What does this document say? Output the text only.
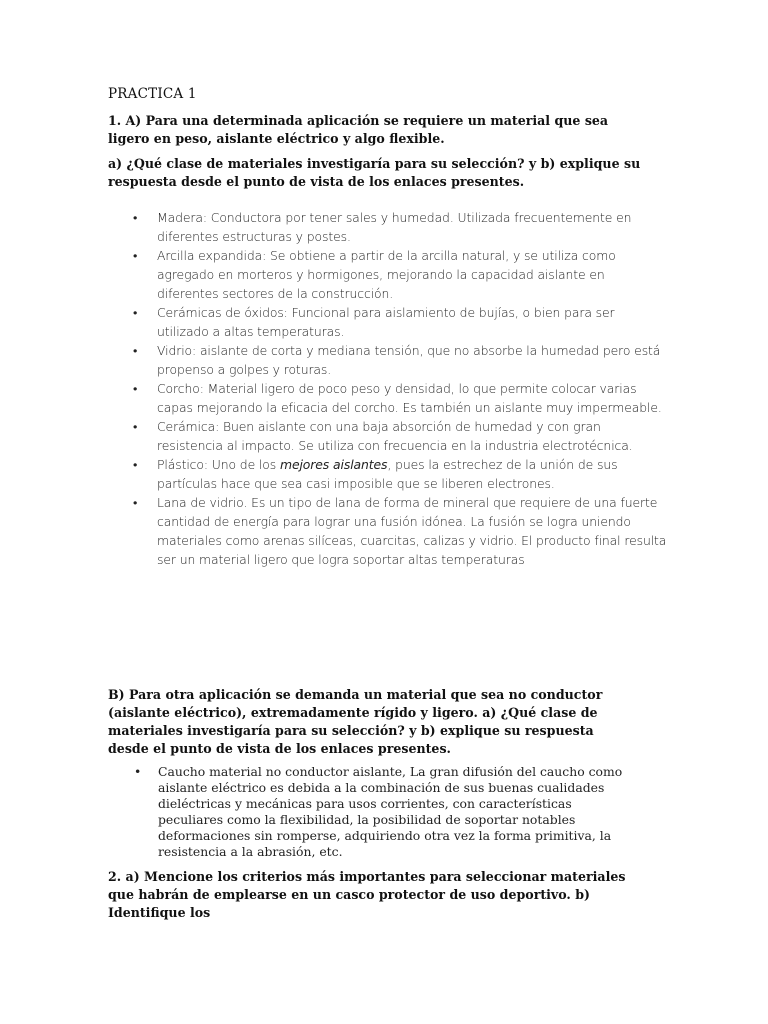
PRACTICA 1
1. A) Para una determinada aplicación se requiere un material que sea ligero en peso, aislante eléctrico y algo flexible.
a) ¿Qué clase de materiales investigaría para su selección? y b) explique su respuesta desde el punto de vista de los enlaces presentes.
• Madera: Conductora por tener sales y humedad. Utilizada frecuentemente en diferentes estructuras y postes.
• Arcilla expandida: Se obtiene a partir de la arcilla natural, y se utiliza como agregado en morteros y hormigones, mejorando la capacidad aislante en diferentes sectores de la construcción.
• Cerámicas de óxidos: Funcional para aislamiento de bujías, o bien para ser utilizado a altas temperaturas.
• Vidrio: aislante de corta y mediana tensión, que no absorbe la humedad pero está propenso a golpes y roturas.
• Corcho: Material ligero de poco peso y densidad, lo que permite colocar varias capas mejorando la eficacia del corcho. Es también un aislante muy impermeable.
• Cerámica: Buen aislante con una baja absorción de humedad y con gran resistencia al impacto. Se utiliza con frecuencia en la industria electrotécnica.
• Plástico: Uno de los mejores aislantes, pues la estrechez de la unión de sus partículas hace que sea casi imposible que se liberen electrones.
• Lana de vidrio. Es un tipo de lana de forma de mineral que requiere de una fuerte cantidad de energía para lograr una fusión idónea. La fusión se logra uniendo materiales como arenas silíceas, cuarcitas, calizas y vidrio. El producto final resulta ser un material ligero que logra soportar altas temperaturas
B) Para otra aplicación se demanda un material que sea no conductor (aislante eléctrico), extremadamente rígido y ligero. a) ¿Qué clase de materiales investigaría para su selección? y b) explique su respuesta desde el punto de vista de los enlaces presentes.
• Caucho material no conductor aislante, La gran difusión del caucho como aislante eléctrico es debida a la combinación de sus buenas cualidades dieléctricas y mecánicas para usos corrientes, con características peculiares como la flexibilidad, la posibilidad de soportar notables deformaciones sin romperse, adquiriendo otra vez la forma primitiva, la resistencia a la abrasión, etc.
2. a) Mencione los criterios más importantes para seleccionar materiales que habrán de emplearse en un casco protector de uso deportivo. b) Identifique los
